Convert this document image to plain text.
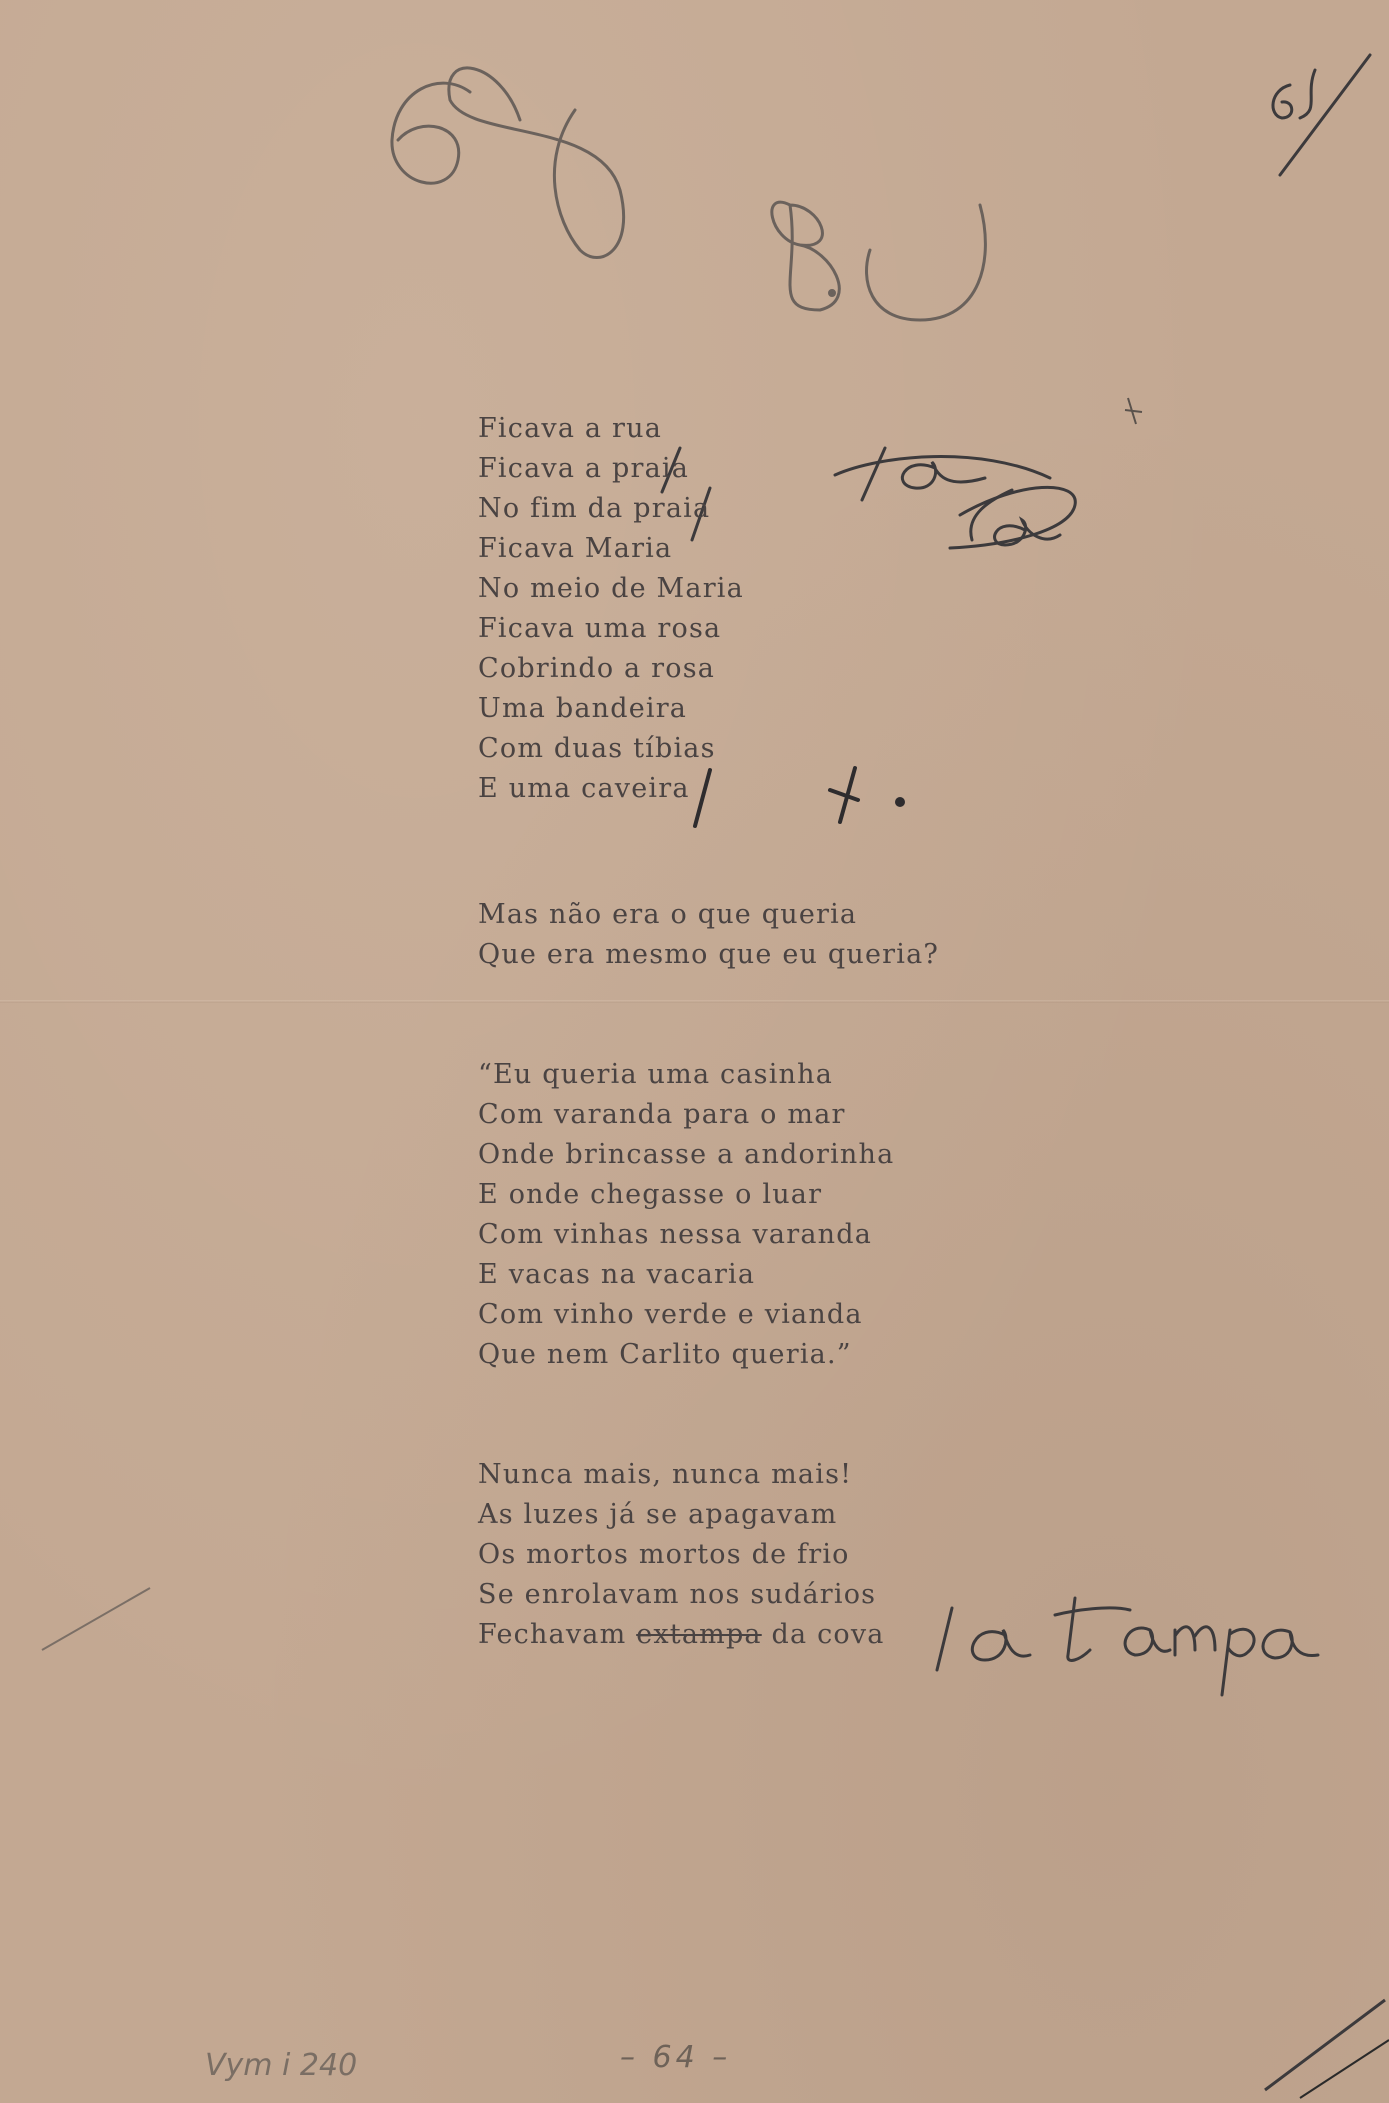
Ficava a rua
Ficava a praia
No fim da praia
Ficava Maria
No meio de Maria
Ficava uma rosa
Cobrindo a rosa
Uma bandeira
Com duas tíbias
E uma caveira
Mas não era o que queria
Que era mesmo que eu queria?
“Eu queria uma casinha
Com varanda para o mar
Onde brincasse a andorinha
E onde chegasse o luar
Com vinhas nessa varanda
E vacas na vacaria
Com vinho verde e vianda
Que nem Carlito queria.”
Nunca mais, nunca mais!
As luzes já se apagavam
Os mortos mortos de frio
Se enrolavam nos sudários
Fechavam extampa da cova
– 64 –
Vym i 240
